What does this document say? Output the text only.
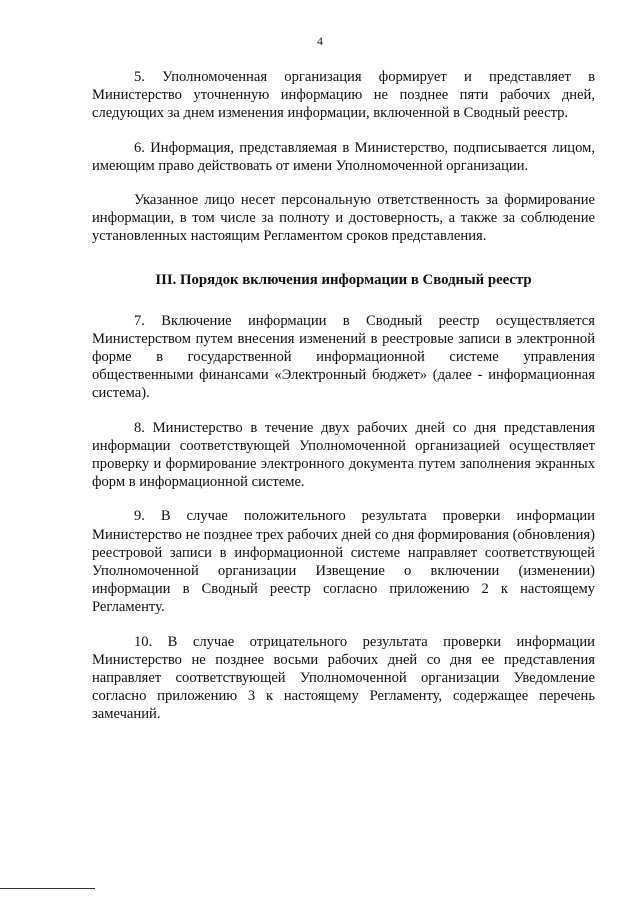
4

5. Уполномоченная организация формирует и представляет в Министерство уточненную информацию не позднее пяти рабочих дней, следующих за днем изменения информации, включенной в Сводный реестр.

6. Информация, представляемая в Министерство, подписывается лицом, имеющим право действовать от имени Уполномоченной организации.

Указанное лицо несет персональную ответственность за формирование информации, в том числе за полноту и достоверность, а также за соблюдение установленных настоящим Регламентом сроков представления.

III. Порядок включения информации в Сводный реестр

7. Включение информации в Сводный реестр осуществляется Министерством путем внесения изменений в реестровые записи в электронной форме в государственной информационной системе управления общественными финансами «Электронный бюджет» (далее - информационная система).

8. Министерство в течение двух рабочих дней со дня представления информации соответствующей Уполномоченной организацией осуществляет проверку и формирование электронного документа путем заполнения экранных форм в информационной системе.

9. В случае положительного результата проверки информации Министерство не позднее трех рабочих дней со дня формирования (обновления) реестровой записи в информационной системе направляет соответствующей Уполномоченной организации Извещение о включении (изменении) информации в Сводный реестр согласно приложению 2 к настоящему Регламенту.

10. В случае отрицательного результата проверки информации Министерство не позднее восьми рабочих дней со дня ее представления направляет соответствующей Уполномоченной организации Уведомление согласно приложению 3 к настоящему Регламенту, содержащее перечень замечаний.
